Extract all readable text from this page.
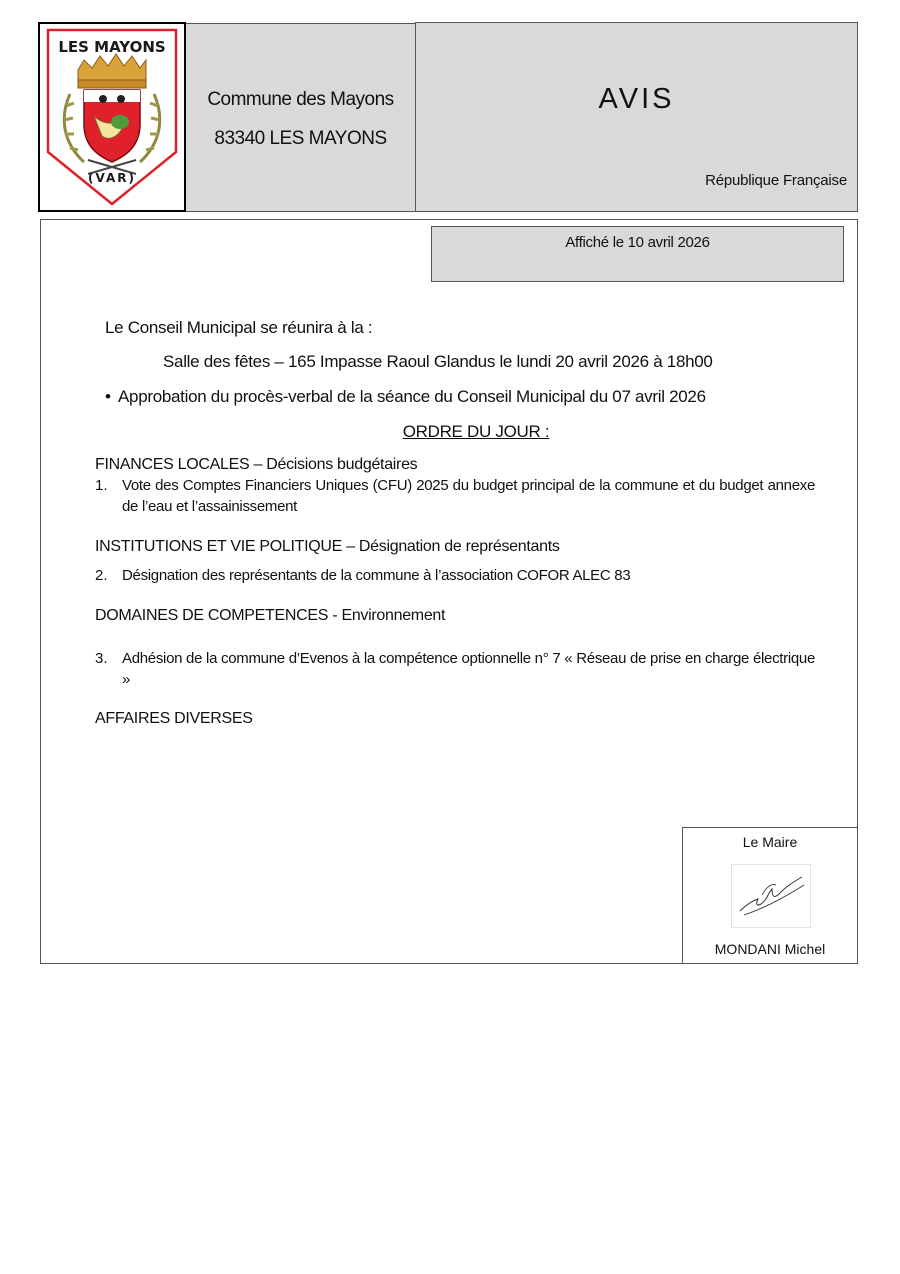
LES MAYONS
(VAR)
Commune des Mayons
83340 LES MAYONS
AVIS
République Française
Affiché le 10 avril 2026
Le Conseil Municipal se réunira à la :
Salle des fêtes – 165 Impasse Raoul Glandus le lundi 20 avril 2026 à 18h00
• Approbation du procès-verbal de la séance du Conseil Municipal du 07 avril 2026
ORDRE DU JOUR :
FINANCES LOCALES – Décisions budgétaires
1. Vote des Comptes Financiers Uniques (CFU) 2025 du budget principal de la commune et du budget annexe de l’eau et l’assainissement
INSTITUTIONS ET VIE POLITIQUE – Désignation de représentants
2. Désignation des représentants de la commune à l’association COFOR ALEC 83
DOMAINES DE COMPETENCES - Environnement
3. Adhésion de la commune d’Evenos à la compétence optionnelle n° 7 « Réseau de prise en charge électrique »
AFFAIRES DIVERSES
Le Maire
MONDANI Michel
